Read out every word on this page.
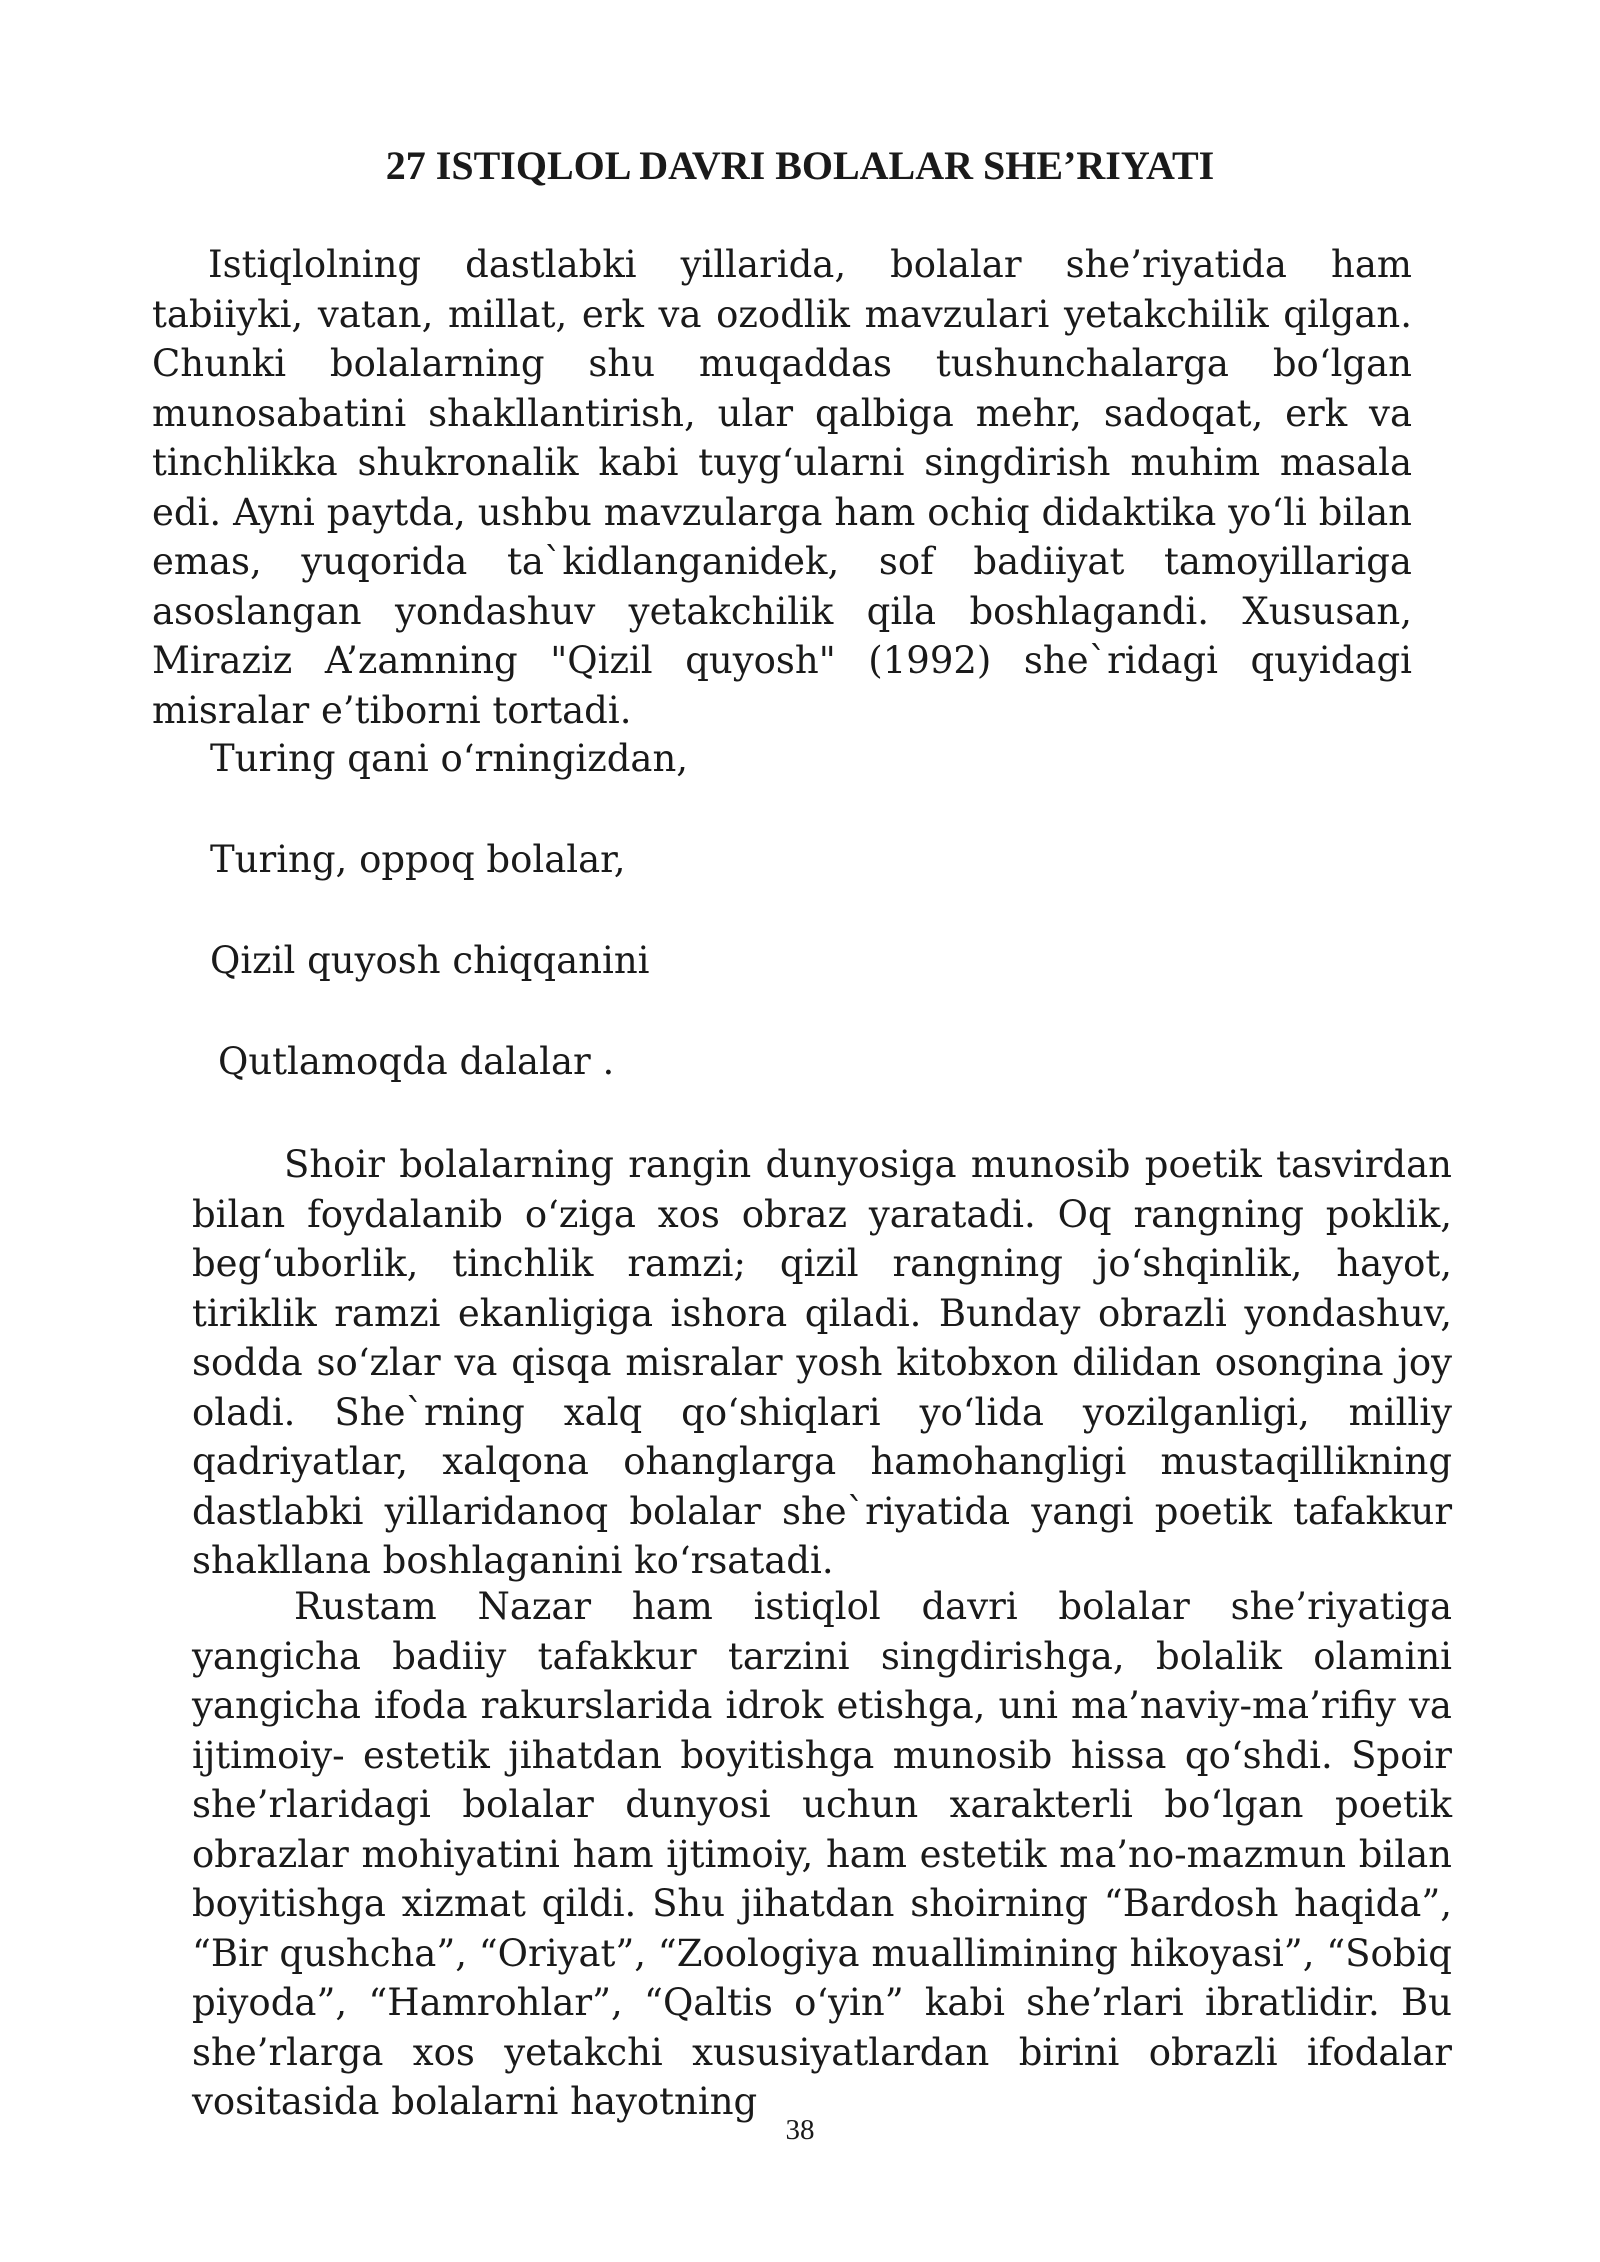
27 ISTIQLOL DAVRI BOLALAR SHE’RIYATI

Istiqlolning dastlabki yillarida, bolalar she’riyatida ham tabiiyki, vatan, millat, erk va ozodlik mavzulari yetakchilik qilgan. Chunki bolalarning shu muqaddas tushunchalarga bo‘lgan munosabatini shakllantirish, ular qalbiga mehr, sadoqat, erk va tinchlikka shukronalik kabi tuyg‘ularni singdirish muhim masala edi. Ayni paytda, ushbu mavzularga ham ochiq didaktika yo‘li bilan emas, yuqorida ta`kidlanganidek, sof badiiyat tamoyillariga asoslangan yondashuv yetakchilik qila boshlagandi. Xususan, Miraziz A’zamning "Qizil quyosh" (1992) she`ridagi quyidagi misralar e’tiborni tortadi.

Turing qani o‘rningizdan,

Turing, oppoq bolalar,

Qizil quyosh chiqqanini

Qutlamoqda dalalar .

Shoir bolalarning rangin dunyosiga munosib poetik tasvirdan bilan foydalanib o‘ziga xos obraz yaratadi. Oq rangning poklik, beg‘uborlik, tinchlik ramzi; qizil rangning jo‘shqinlik, hayot, tiriklik ramzi ekanligiga ishora qiladi. Bunday obrazli yondashuv, sodda so‘zlar va qisqa misralar yosh kitobxon dilidan osongina joy oladi. She`rning xalq qo‘shiqlari yo‘lida yozilganligi, milliy qadriyatlar, xalqona ohanglarga hamohangligi mustaqillikning dastlabki yillaridanoq bolalar she`riyatida yangi poetik tafakkur shakllana boshlaganini ko‘rsatadi.

Rustam Nazar ham istiqlol davri bolalar she’riyatiga yangicha badiiy tafakkur tarzini singdirishga, bolalik olamini yangicha ifoda rakurslarida idrok etishga, uni ma’naviy-ma’rifiy va ijtimoiy- estetik jihatdan boyitishga munosib hissa qo‘shdi. Spoir she’rlaridagi bolalar dunyosi uchun xarakterli bo‘lgan poetik obrazlar mohiyatini ham ijtimoiy, ham estetik ma’no-mazmun bilan boyitishga xizmat qildi. Shu jihatdan shoirning “Bardosh haqida”, “Bir qushcha”, “Oriyat”, “Zoologiya muallimining hikoyasi”, “Sobiq piyoda”, “Hamrohlar”, “Qaltis o‘yin” kabi she’rlari ibratlidir. Bu she’rlarga xos yetakchi xususiyatlardan birini obrazli ifodalar vositasida bolalarni hayotning

38
